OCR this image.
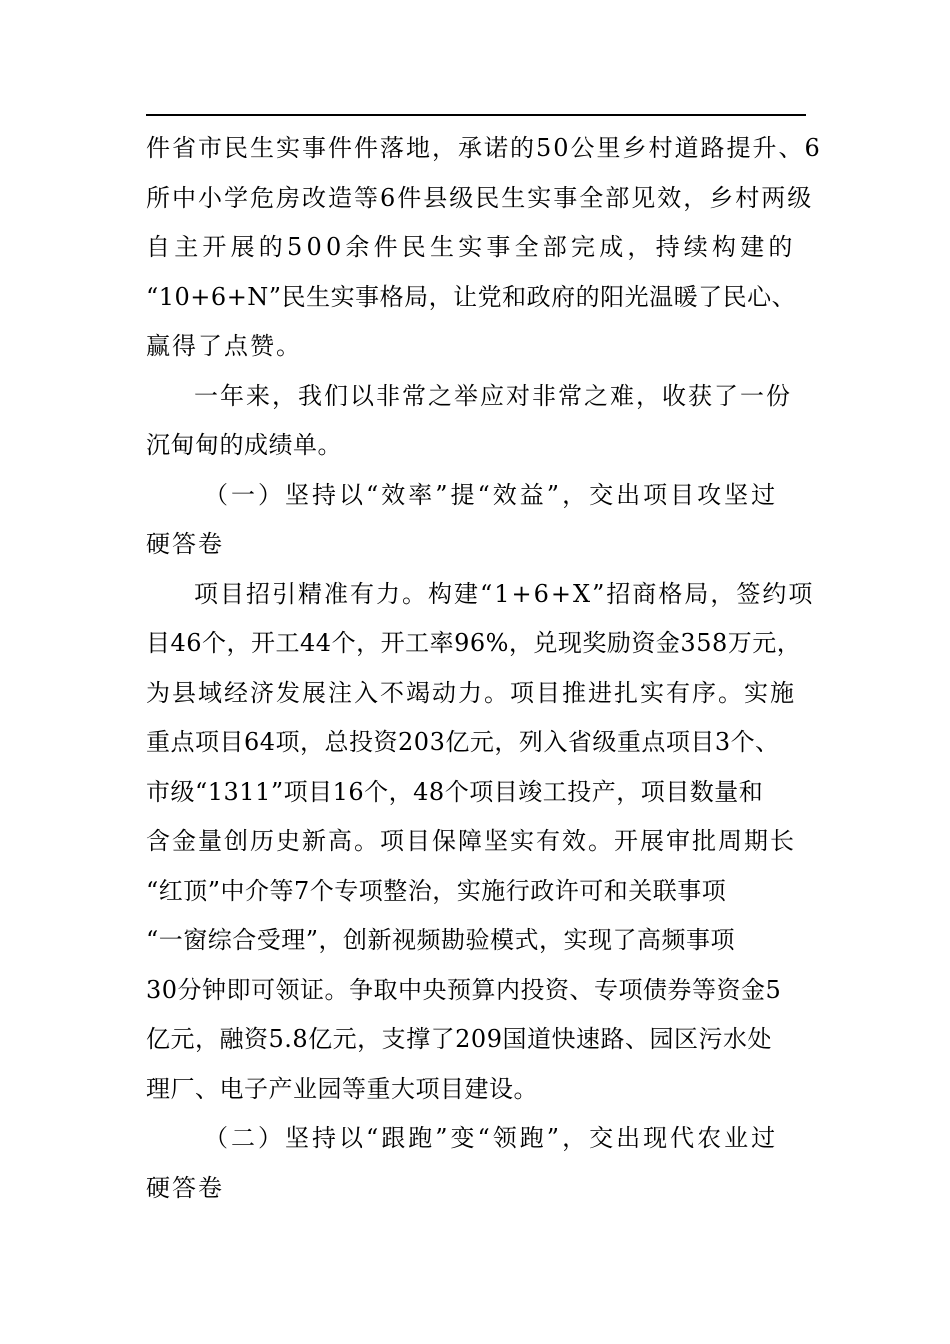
件省市民生实事件件落地，承诺的50公里乡村道路提升、6
所中小学危房改造等6件县级民生实事全部见效，乡村两级
自主开展的500余件民生实事全部完成，持续构建的
“10+6+N”民生实事格局，让党和政府的阳光温暖了民心、
赢得了点赞。
一年来，我们以非常之举应对非常之难，收获了一份
沉甸甸的成绩单。
（一）坚持以“效率”提“效益”，交出项目攻坚过
硬答卷
项目招引精准有力。构建“1+6+X”招商格局，签约项
目46个，开工44个，开工率96%，兑现奖励资金358万元，
为县域经济发展注入不竭动力。项目推进扎实有序。实施
重点项目64项，总投资203亿元，列入省级重点项目3个、
市级“1311”项目16个，48个项目竣工投产，项目数量和
含金量创历史新高。项目保障坚实有效。开展审批周期长
“红顶”中介等7个专项整治，实施行政许可和关联事项
“一窗综合受理”，创新视频勘验模式，实现了高频事项
30分钟即可领证。争取中央预算内投资、专项债券等资金5
亿元，融资5.8亿元，支撑了209国道快速路、园区污水处
理厂、电子产业园等重大项目建设。
（二）坚持以“跟跑”变“领跑”，交出现代农业过
硬答卷
